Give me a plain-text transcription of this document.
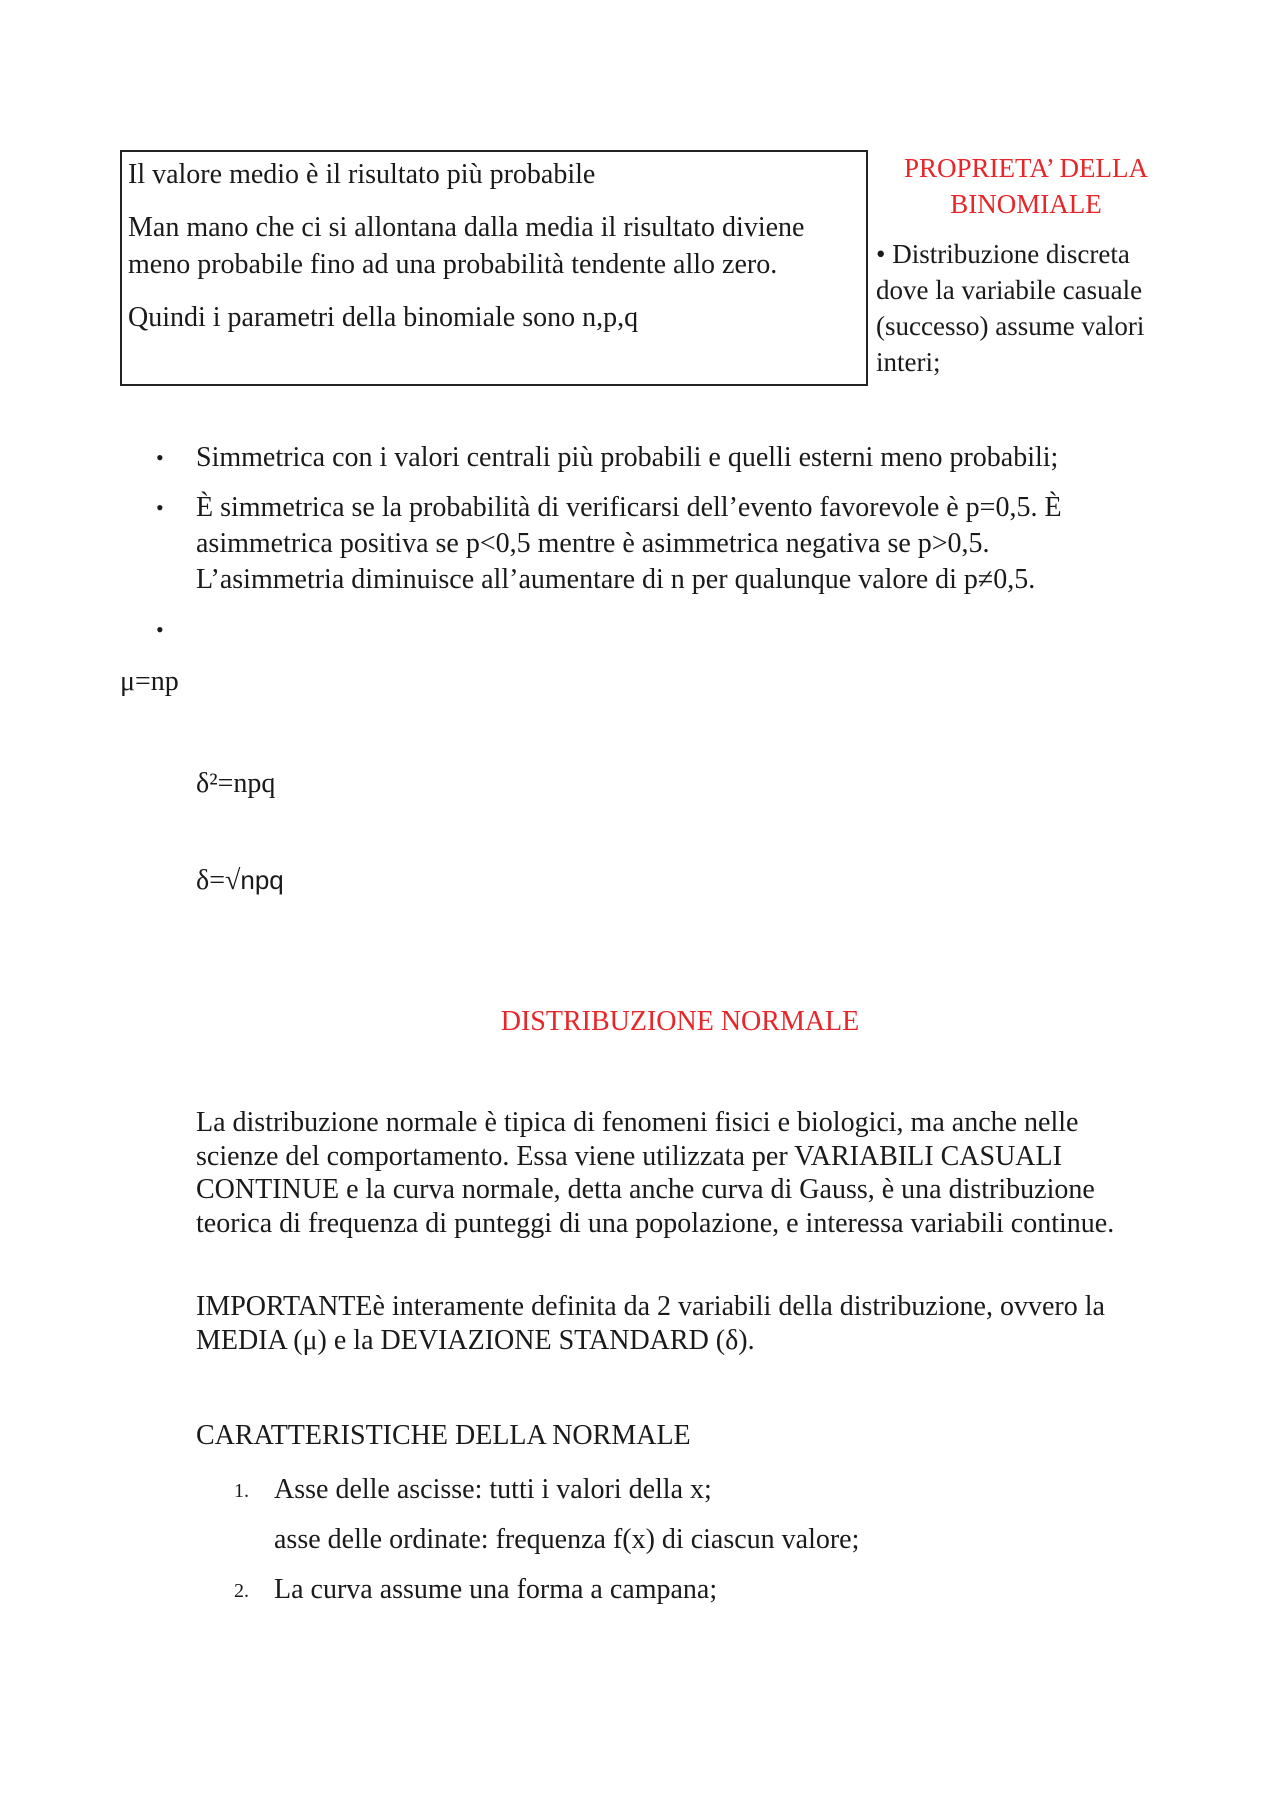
Il valore medio è il risultato più probabile

Man mano che ci si allontana dalla media il risultato diviene meno probabile fino ad una probabilità tendente allo zero.

Quindi i parametri della binomiale sono n,p,q

PROPRIETA’ DELLA BINOMIALE
• Distribuzione discreta dove la variabile casuale (successo) assume valori interi;
• Simmetrica con i valori centrali più probabili e quelli esterni meno probabili;
• È simmetrica se la probabilità di verificarsi dell’evento favorevole è p=0,5. È asimmetrica positiva se p<0,5 mentre è asimmetrica negativa se p>0,5. L’asimmetria diminuisce all’aumentare di n per qualunque valore di p≠0,5.
•
μ=np
δ²=npq
δ=√npq
DISTRIBUZIONE NORMALE

La distribuzione normale è tipica di fenomeni fisici e biologici, ma anche nelle scienze del comportamento. Essa viene utilizzata per VARIABILI CASUALI CONTINUE e la curva normale, detta anche curva di Gauss, è una distribuzione teorica di frequenza di punteggi di una popolazione, e interessa variabili continue.

IMPORTANTEè interamente definita da 2 variabili della distribuzione, ovvero la MEDIA (μ) e la DEVIAZIONE STANDARD (δ).

CARATTERISTICHE DELLA NORMALE
1. Asse delle ascisse: tutti i valori della x;
asse delle ordinate: frequenza f(x) di ciascun valore;
2. La curva assume una forma a campana;
